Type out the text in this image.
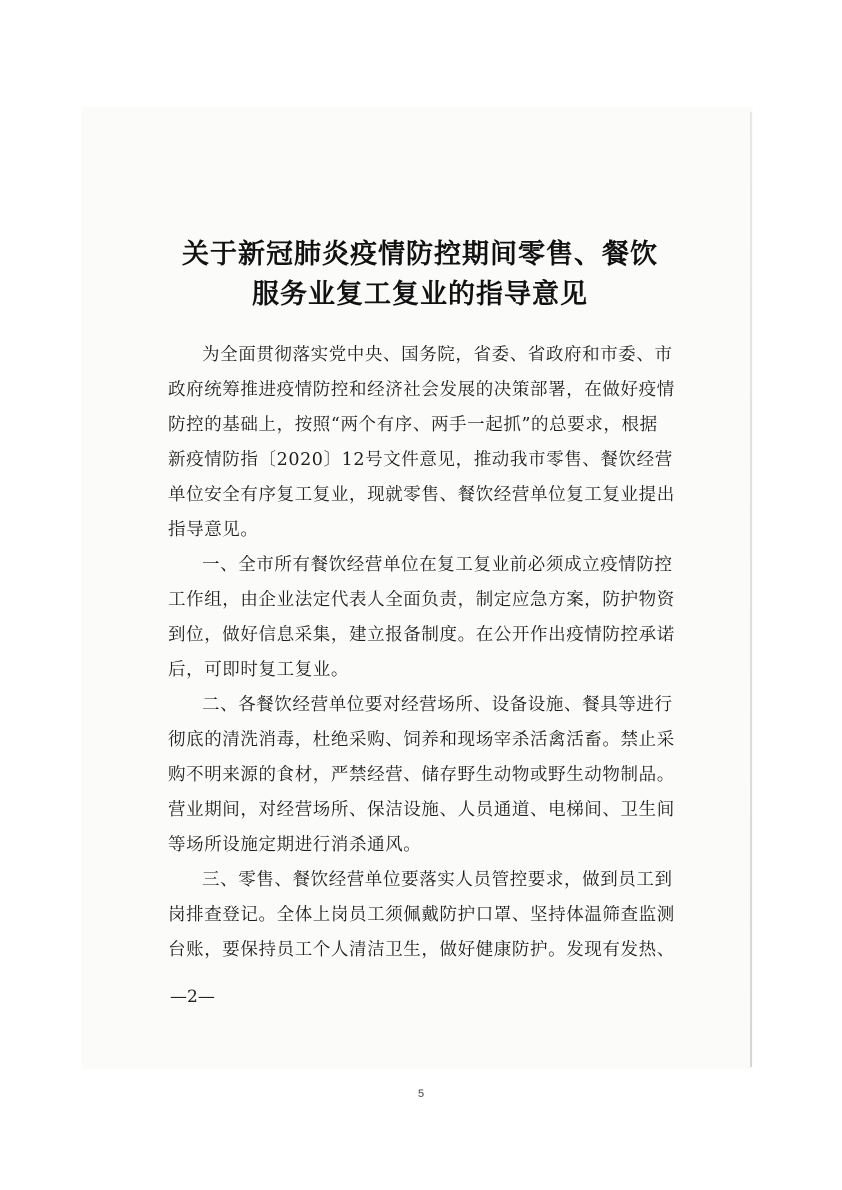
关于新冠肺炎疫情防控期间零售、餐饮
服务业复工复业的指导意见
为全面贯彻落实党中央、国务院，省委、省政府和市委、市
政府统筹推进疫情防控和经济社会发展的决策部署，在做好疫情
防控的基础上，按照“两个有序、两手一起抓”的总要求，根据
新疫情防指〔2020〕12号文件意见，推动我市零售、餐饮经营
单位安全有序复工复业，现就零售、餐饮经营单位复工复业提出
指导意见。
一、全市所有餐饮经营单位在复工复业前必须成立疫情防控
工作组，由企业法定代表人全面负责，制定应急方案，防护物资
到位，做好信息采集，建立报备制度。在公开作出疫情防控承诺
后，可即时复工复业。
二、各餐饮经营单位要对经营场所、设备设施、餐具等进行
彻底的清洗消毒，杜绝采购、饲养和现场宰杀活禽活畜。禁止采
购不明来源的食材，严禁经营、储存野生动物或野生动物制品。
营业期间，对经营场所、保洁设施、人员通道、电梯间、卫生间
等场所设施定期进行消杀通风。
三、零售、餐饮经营单位要落实人员管控要求，做到员工到
岗排查登记。全体上岗员工须佩戴防护口罩、坚持体温筛查监测
台账，要保持员工个人清洁卫生，做好健康防护。发现有发热、
—2—
5
